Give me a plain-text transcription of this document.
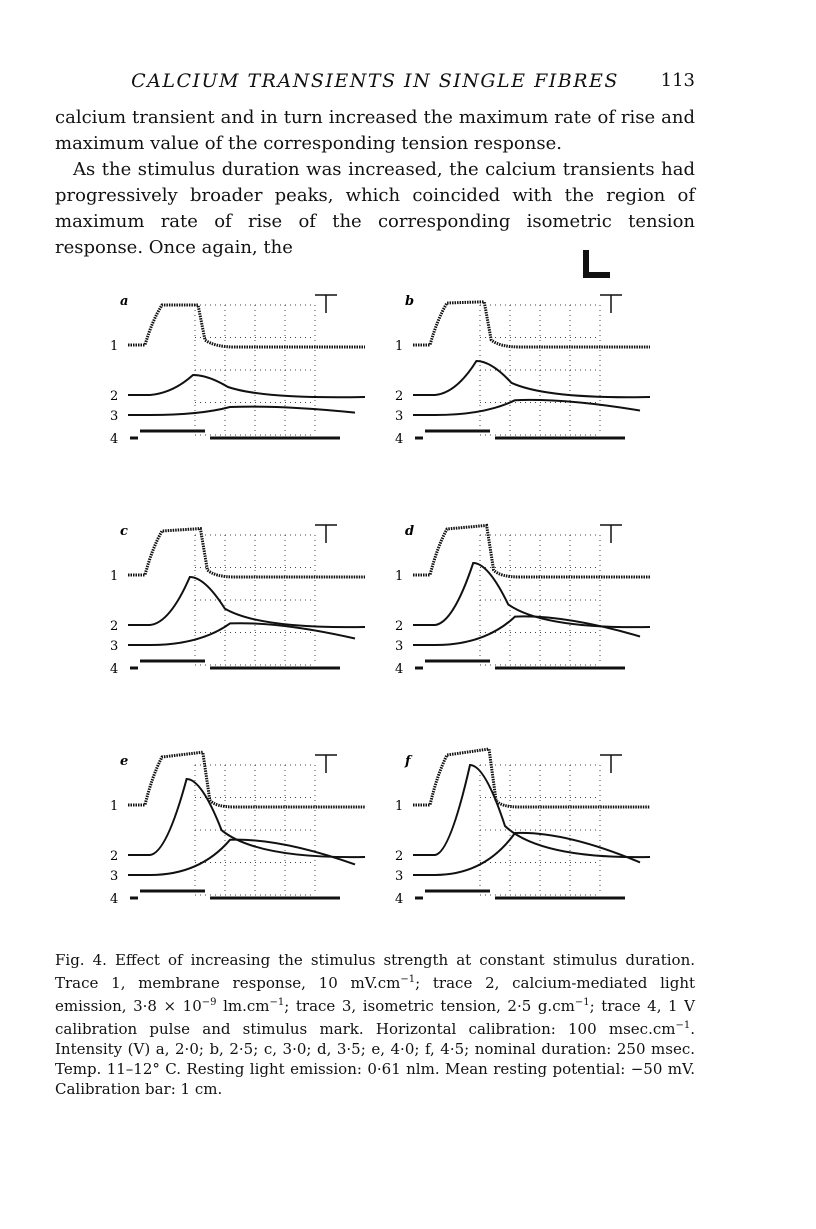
CALCIUM TRANSIENTS IN SINGLE FIBRES	113

calcium transient and in turn increased the maximum rate of rise and maximum value of the corresponding tension response.

As the stimulus duration was increased, the calcium transients had progressively broader peaks, which coincided with the region of maximum rate of rise of the corresponding isometric tension response. Once again, the

a
1
2
3
4
b
1
2
3
4
c
1
2
3
4
d
1
2
3
4
e
1
2
3
4
f
1
2
3
4
Fig. 4. Effect of increasing the stimulus strength at constant stimulus duration. Trace 1, membrane response, 10 $mV.cm^{-1}$; trace 2, calcium-mediated light emission, $3\cdot 8 \times 10^{-9}$ $lm.cm^{-1}$; trace 3, isometric tension, 2·5 $g.cm^{-1}$; trace 4, 1 V calibration pulse and stimulus mark. Horizontal calibration: 100 $msec.cm^{-1}$. Intensity (V) a, 2·0; b, 2·5; c, 3·0; d, 3·5; e, 4·0; f, 4·5; nominal duration: 250 msec. Temp. 11–12° C. Resting light emission: 0·61 nlm. Mean resting potential: −50 mV. Calibration bar: 1 cm.
